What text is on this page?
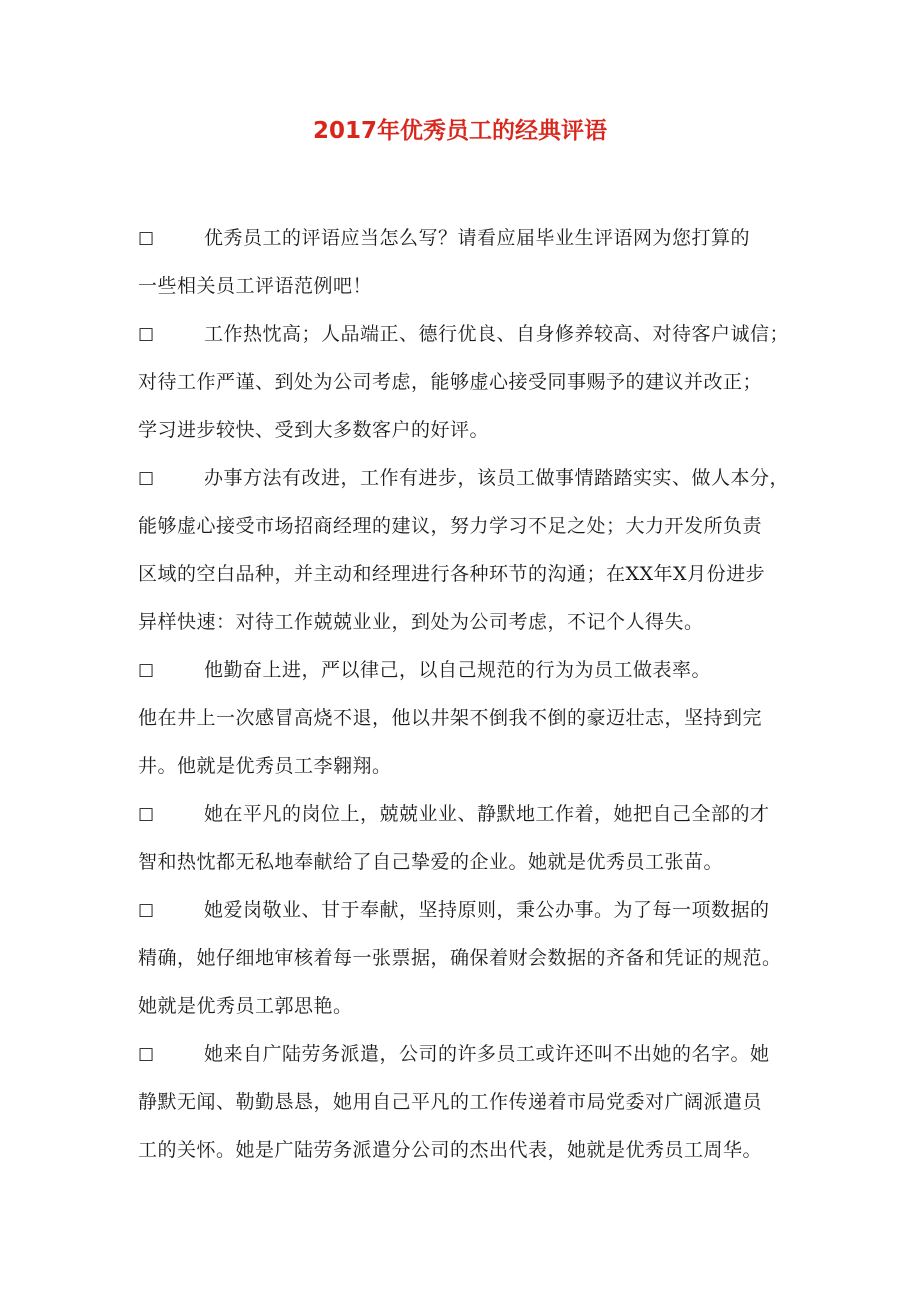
2017年优秀员工的经典评语
□	优秀员工的评语应当怎么写？请看应届毕业生评语网为您打算的
一些相关员工评语范例吧！
□	工作热忱高；人品端正、德行优良、自身修养较高、对待客户诚信；
对待工作严谨、到处为公司考虑，能够虚心接受同事赐予的建议并改正；
学习进步较快、受到大多数客户的好评。
□	办事方法有改进，工作有进步，该员工做事情踏踏实实、做人本分，
能够虚心接受市场招商经理的建议，努力学习不足之处；大力开发所负责
区域的空白品种，并主动和经理进行各种环节的沟通；在XX年X月份进步
异样快速：对待工作兢兢业业，到处为公司考虑，不记个人得失。
□	他勤奋上进，严以律己，以自己规范的行为为员工做表率。
他在井上一次感冒高烧不退，他以井架不倒我不倒的豪迈壮志，坚持到完
井。他就是优秀员工李翱翔。
□	她在平凡的岗位上，兢兢业业、静默地工作着，她把自己全部的才
智和热忱都无私地奉献给了自己挚爱的企业。她就是优秀员工张苗。
□	她爱岗敬业、甘于奉献，坚持原则，秉公办事。为了每一项数据的
精确，她仔细地审核着每一张票据，确保着财会数据的齐备和凭证的规范。
她就是优秀员工郭思艳。
□	她来自广陆劳务派遣，公司的许多员工或许还叫不出她的名字。她
静默无闻、勒勤恳恳，她用自己平凡的工作传递着市局党委对广阔派遣员
工的关怀。她是广陆劳务派遣分公司的杰出代表，她就是优秀员工周华。
